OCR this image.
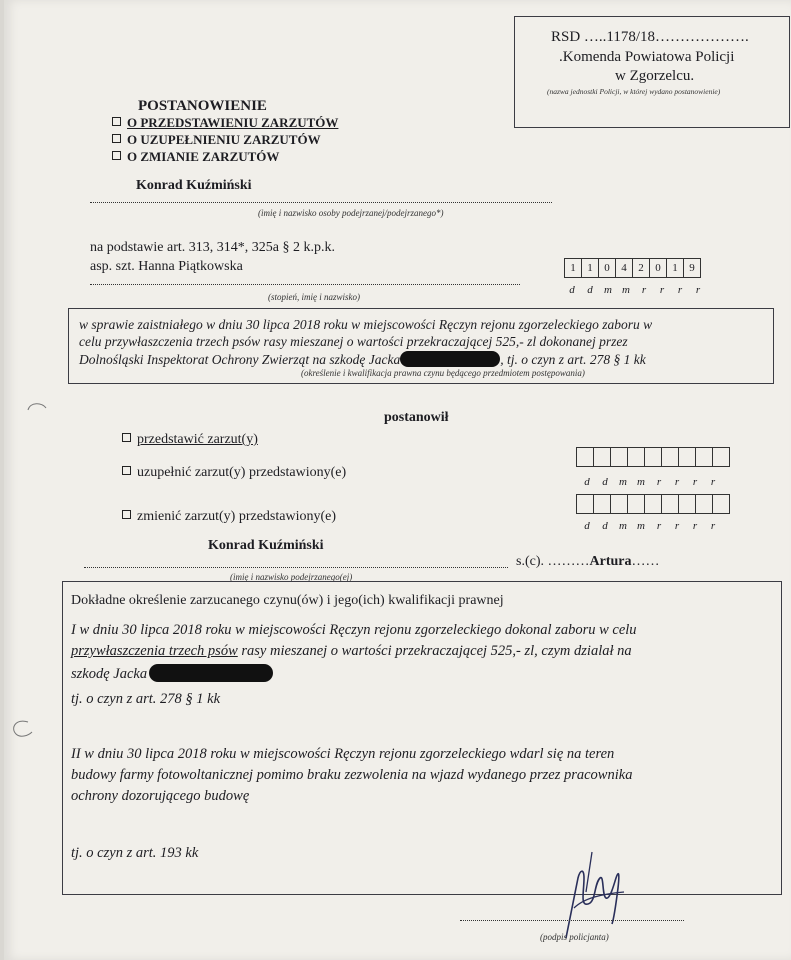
RSD …..1178/18……………….
.Komenda Powiatowa Policji
w Zgorzelcu.
(nazwa jednostki Policji, w której wydano postanowienie)
POSTANOWIENIE
O PRZEDSTAWIENIU ZARZUTÓW
O UZUPEŁNIENIU ZARZUTÓW
O ZMIANIE ZARZUTÓW
Konrad Kuźmiński
(imię i nazwisko osoby podejrzanej/podejrzanego*)
na podstawie art. 313, 314*, 325a § 2 k.p.k.
asp. szt. Hanna Piątkowska
(stopień, imię i nazwisko)
1	1	0	4	2	0	1	9
d	d	m m	r	r	r	r
w sprawie zaistniałego w dniu 30 lipca 2018 roku w miejscowości Ręczyn rejonu zgorzeleckiego zaboru w
celu przywłaszczenia trzech psów rasy mieszanej o wartości przekraczającej 525,- zl dokonanej przez
Dolnośląski Inspektorat Ochrony Zwierząt na szkodę Jacka	, tj. o czyn z art. 278 § 1 kk
(określenie i kwalifikacja prawna czynu będącego przedmiotem postępowania)
postanowił
przedstawić zarzut(y)
uzupełnić zarzut(y) przedstawiony(e)
zmienić zarzut(y) przedstawiony(e)
d	d	m m	r	r	r	r
d	d	m m	r	r	r	r
Konrad Kuźmiński
s.(c). ………Artura……
(imię i nazwisko podejrzanego(ej)
Dokładne określenie zarzucanego czynu(ów) i jego(ich) kwalifikacji prawnej
I w dniu 30 lipca 2018 roku w miejscowości Ręczyn rejonu zgorzeleckiego dokonal zaboru w celu
przywłaszczenia trzech psów rasy mieszanej o wartości przekraczającej 525,- zl, czym dzialał na
szkodę Jacka
tj. o czyn z art. 278 § 1 kk
II w dniu 30 lipca 2018 roku w miejscowości Ręczyn rejonu zgorzeleckiego wdarl się na teren
budowy farmy fotowoltanicznej pomimo braku zezwolenia na wjazd wydanego przez pracownika
ochrony dozorującego budowę
tj. o czyn z art. 193 kk
(podpis policjanta)
